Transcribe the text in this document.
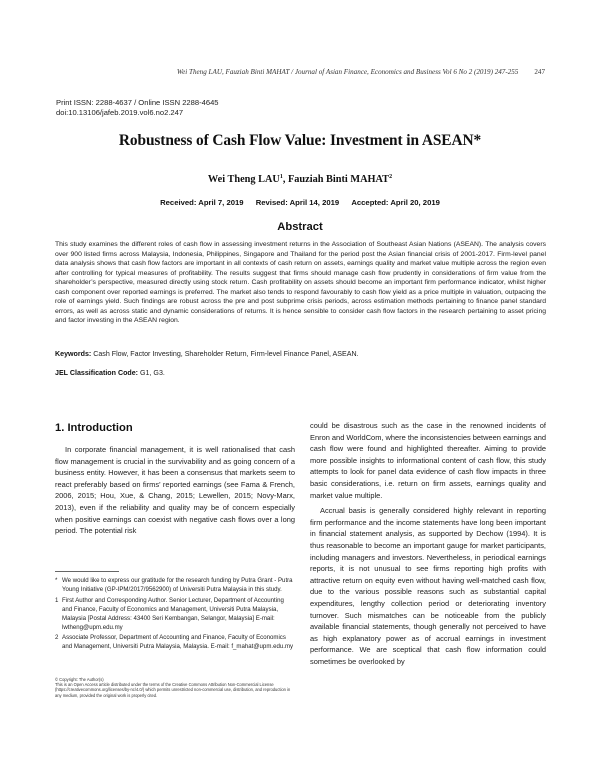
Wei Theng LAU, Fauziah Binti MAHAT / Journal of Asian Finance, Economics and Business Vol 6 No 2 (2019) 247-255 247
Print ISSN: 2288-4637 / Online ISSN 2288-4645
doi:10.13106/jafeb.2019.vol6.no2.247
Robustness of Cash Flow Value: Investment in ASEAN*
Wei Theng LAU$^1$, Fauziah Binti MAHAT$^2$
Received: April 7, 2019 Revised: April 14, 2019 Accepted: April 20, 2019
Abstract
This study examines the different roles of cash flow in assessing investment returns in the Association of Southeast Asian Nations (ASEAN). The analysis covers over 900 listed firms across Malaysia, Indonesia, Philippines, Singapore and Thailand for the period post the Asian financial crisis of 2001-2017. Firm-level panel data analysis shows that cash flow factors are important in all contexts of cash return on assets, earnings quality and market value multiple across the region even after controlling for typical measures of profitability. The results suggest that firms should manage cash flow prudently in considerations of firm value from the shareholder’s perspective, measured directly using stock return. Cash profitability on assets should become an important firm performance indicator, whilst higher cash component over reported earnings is preferred. The market also tends to respond favourably to cash flow yield as a price multiple in valuation, outpacing the role of earnings yield. Such findings are robust across the pre and post subprime crisis periods, across estimation methods pertaining to finance panel standard errors, as well as across static and dynamic considerations of returns. It is hence sensible to consider cash flow factors in the research pertaining to asset pricing and factor investing in the ASEAN region.
Keywords: Cash Flow, Factor Investing, Shareholder Return, Firm-level Finance Panel, ASEAN.
JEL Classification Code: G1, G3.
1. Introduction

In corporate financial management, it is well rationalised that cash flow management is crucial in the survivability and as going concern of a business entity. However, it has been a consensus that markets seem to react preferably based on firms’ reported earnings (see Fama & French, 2006, 2015; Hou, Xue, & Chang, 2015; Lewellen, 2015; Novy-Marx, 2013), even if the reliability and quality may be of concern especially when positive earnings can coexist with negative cash flows over a long period. The potential risk

could be disastrous such as the case in the renowned incidents of Enron and WorldCom, where the inconsistencies between earnings and cash flow were found and highlighted thereafter. Aiming to provide more possible insights to informational content of cash flow, this study attempts to look for panel data evidence of cash flow impacts in three basic considerations, i.e. return on firm assets, earnings quality and market value multiple.

Accrual basis is generally considered highly relevant in reporting firm performance and the income statements have long been important in financial statement analysis, as supported by Dechow (1994). It is thus reasonable to become an important gauge for market participants, including managers and investors. Nevertheless, in periodical earnings reports, it is not unusual to see firms reporting high profits with attractive return on equity even without having well-matched cash flow, due to the various possible reasons such as substantial capital expenditures, lengthy collection period or deteriorating inventory turnover. Such mismatches can be noticeable from the publicly available financial statements, though generally not perceived to have as high explanatory power as of accrual earnings in investment performance. We are sceptical that cash flow information could sometimes be overlooked by

* We would like to express our gratitude for the research funding by Putra Grant - Putra Young Initiative (GP-IPM/2017/9562900) of Universiti Putra Malaysia in this study.
1 First Author and Corresponding Author. Senior Lecturer, Department of Accounting and Finance, Faculty of Economics and Management, Universiti Putra Malaysia, Malaysia [Postal Address: 43400 Seri Kembangan, Selangor, Malaysia] E-mail: lwtheng@upm.edu.my
2 Associate Professor, Department of Accounting and Finance, Faculty of Economics and Management, Universiti Putra Malaysia, Malaysia. E-mail: f_mahat@upm.edu.my
© Copyright: The Author(s)
This is an Open Access article distributed under the terms of the Creative Commons Attribution Non-Commercial License (https://creativecommons.org/licenses/by-nc/4.0/) which permits unrestricted non-commercial use, distribution, and reproduction in any medium, provided the original work is properly cited.
